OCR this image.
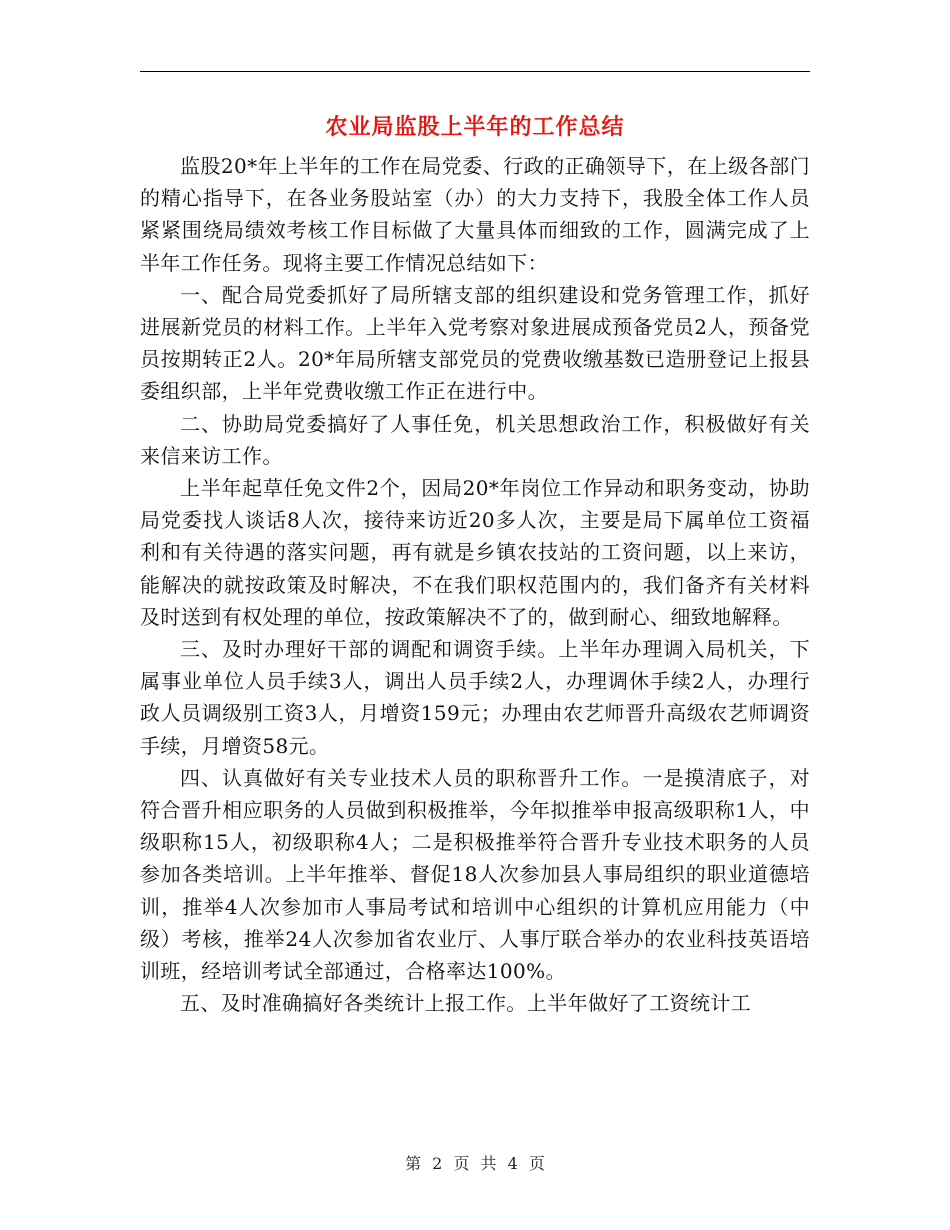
农业局监股上半年的工作总结

监股20*年上半年的工作在局党委、行政的正确领导下，在上级各部门的精心指导下，在各业务股站室（办）的大力支持下，我股全体工作人员紧紧围绕局绩效考核工作目标做了大量具体而细致的工作，圆满完成了上半年工作任务。现将主要工作情况总结如下：

一、配合局党委抓好了局所辖支部的组织建设和党务管理工作，抓好进展新党员的材料工作。上半年入党考察对象进展成预备党员2人，预备党员按期转正2人。20*年局所辖支部党员的党费收缴基数已造册登记上报县委组织部，上半年党费收缴工作正在进行中。

二、协助局党委搞好了人事任免，机关思想政治工作，积极做好有关来信来访工作。

上半年起草任免文件2个，因局20*年岗位工作异动和职务变动，协助局党委找人谈话8人次，接待来访近20多人次，主要是局下属单位工资福利和有关待遇的落实问题，再有就是乡镇农技站的工资问题，以上来访，能解决的就按政策及时解决，不在我们职权范围内的，我们备齐有关材料及时送到有权处理的单位，按政策解决不了的，做到耐心、细致地解释。

三、及时办理好干部的调配和调资手续。上半年办理调入局机关，下属事业单位人员手续3人，调出人员手续2人，办理调休手续2人，办理行政人员调级别工资3人，月增资159元；办理由农艺师晋升高级农艺师调资手续，月增资58元。

四、认真做好有关专业技术人员的职称晋升工作。一是摸清底子，对符合晋升相应职务的人员做到积极推举，今年拟推举申报高级职称1人，中级职称15人，初级职称4人；二是积极推举符合晋升专业技术职务的人员参加各类培训。上半年推举、督促18人次参加县人事局组织的职业道德培训，推举4人次参加市人事局考试和培训中心组织的计算机应用能力（中级）考核，推举24人次参加省农业厅、人事厅联合举办的农业科技英语培训班，经培训考试全部通过，合格率达100%。

五、及时准确搞好各类统计上报工作。上半年做好了工资统计工

第 2 页 共 4 页
